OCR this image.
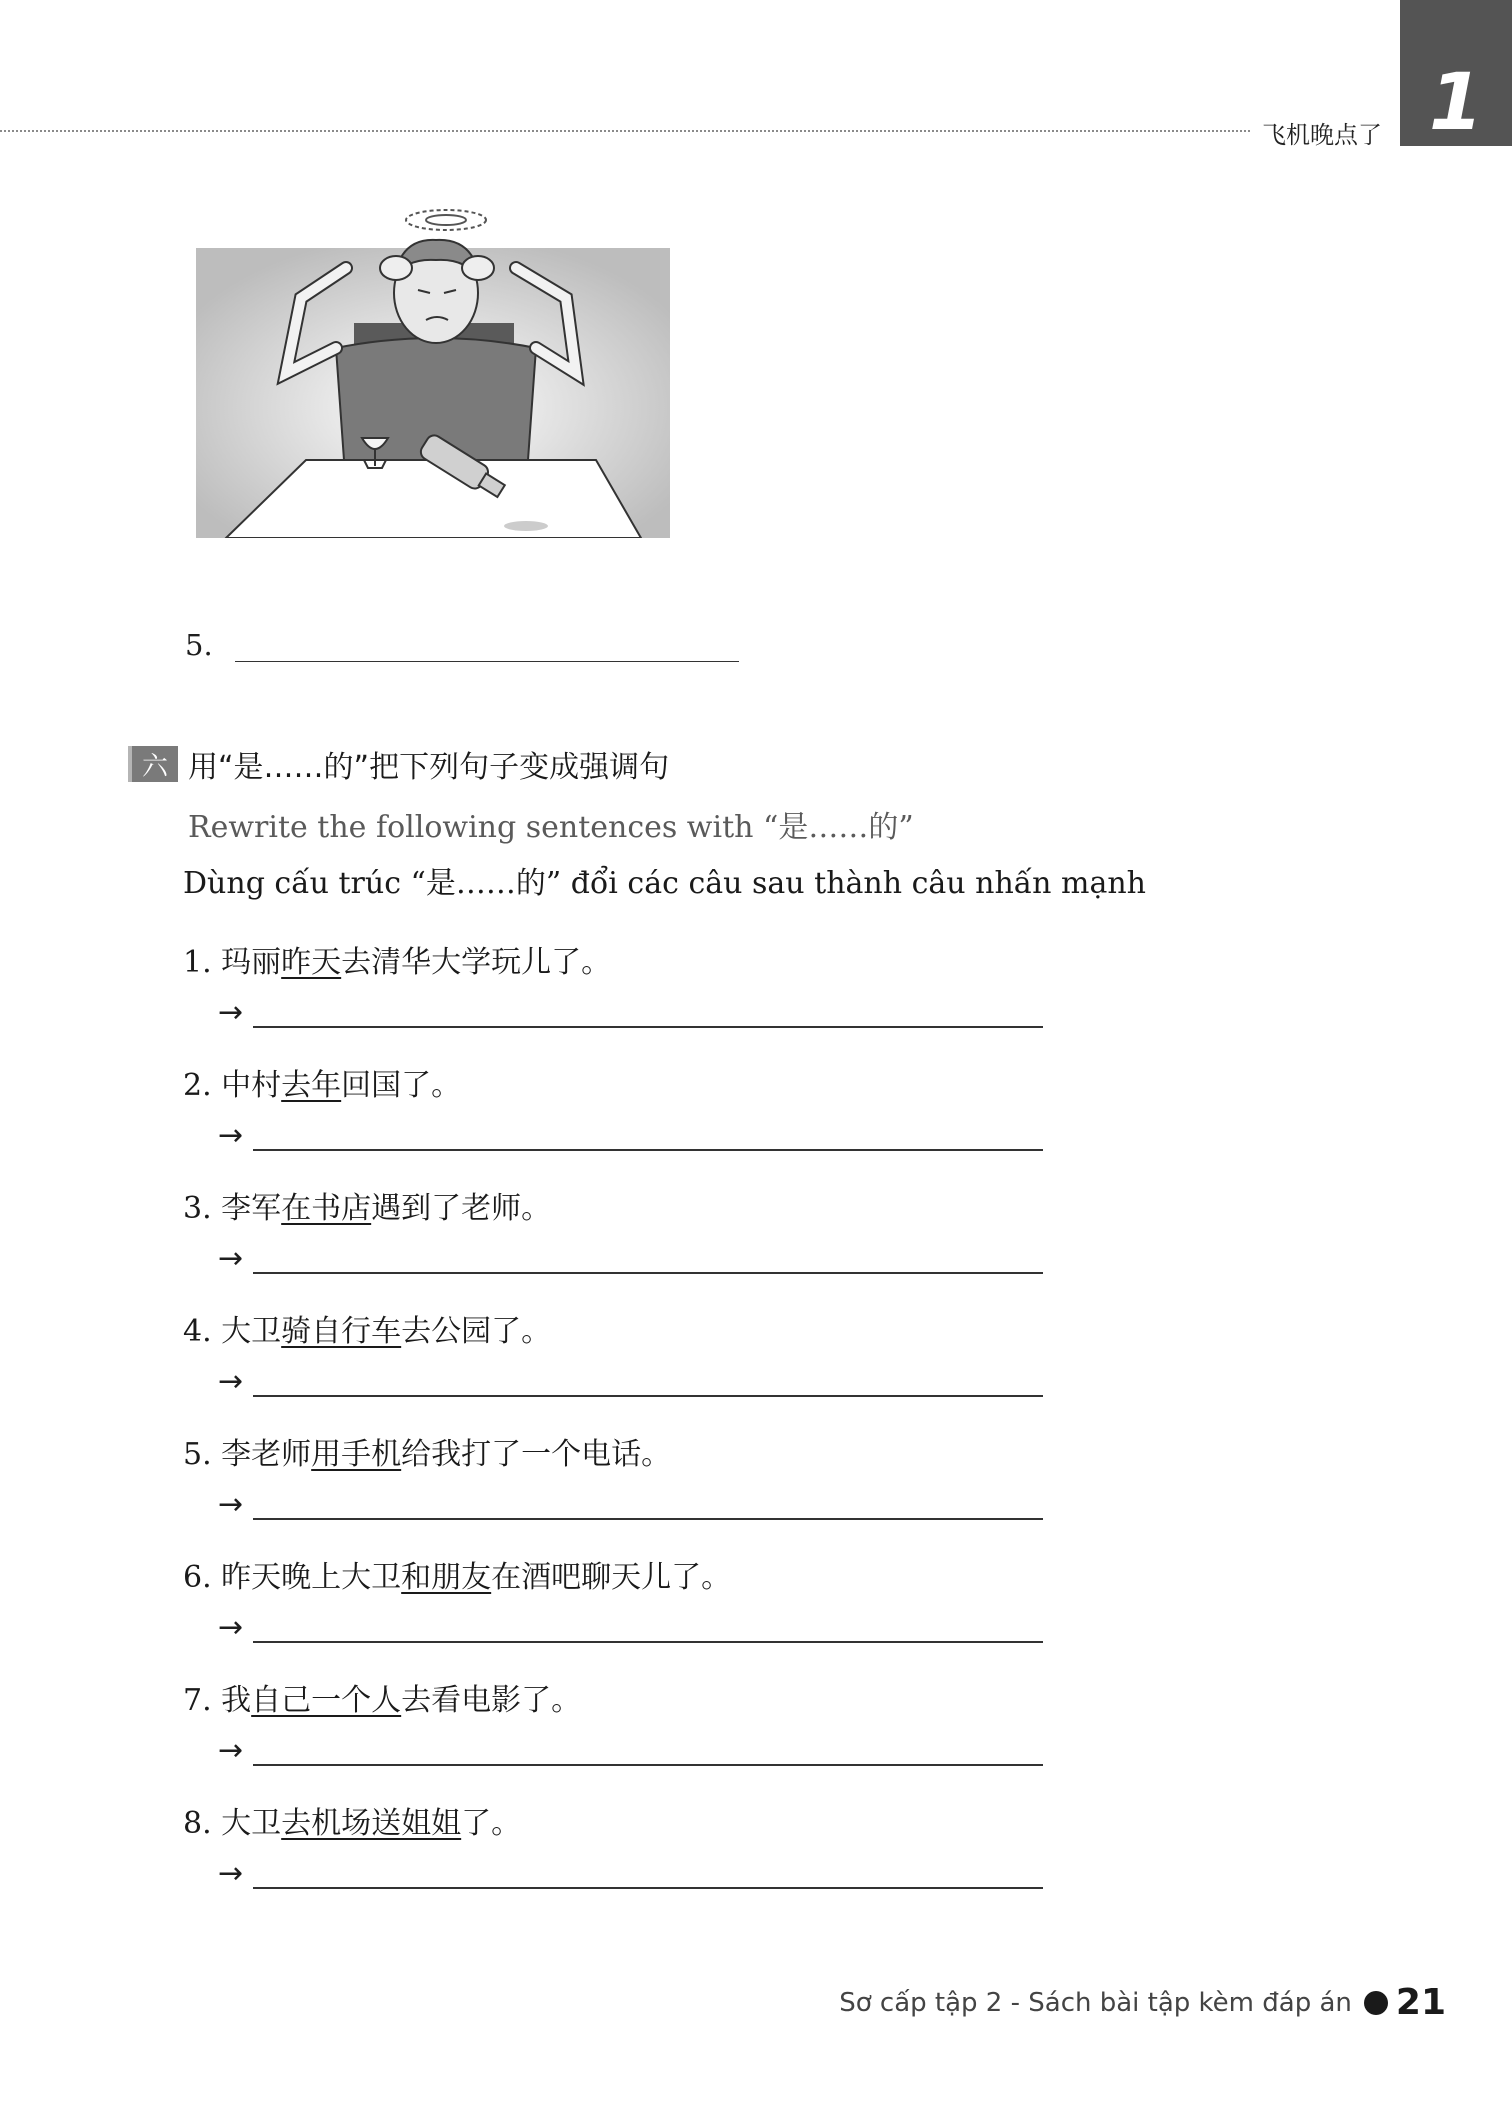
飞机晚点了 1
5.
六 用“是……的”把下列句子变成强调句
Rewrite the following sentences with “是……的”
Dùng cấu trúc “是……的” đổi các câu sau thành câu nhấn mạnh
1. 玛丽昨天去清华大学玩儿了。
→
2. 中村去年回国了。
→
3. 李军在书店遇到了老师。
→
4. 大卫骑自行车去公园了。
→
5. 李老师用手机给我打了一个电话。
→
6. 昨天晚上大卫和朋友在酒吧聊天儿了。
→
7. 我自己一个人去看电影了。
→
8. 大卫去机场送姐姐了。
→
Sơ cấp tập 2 - Sách bài tập kèm đáp án 21
